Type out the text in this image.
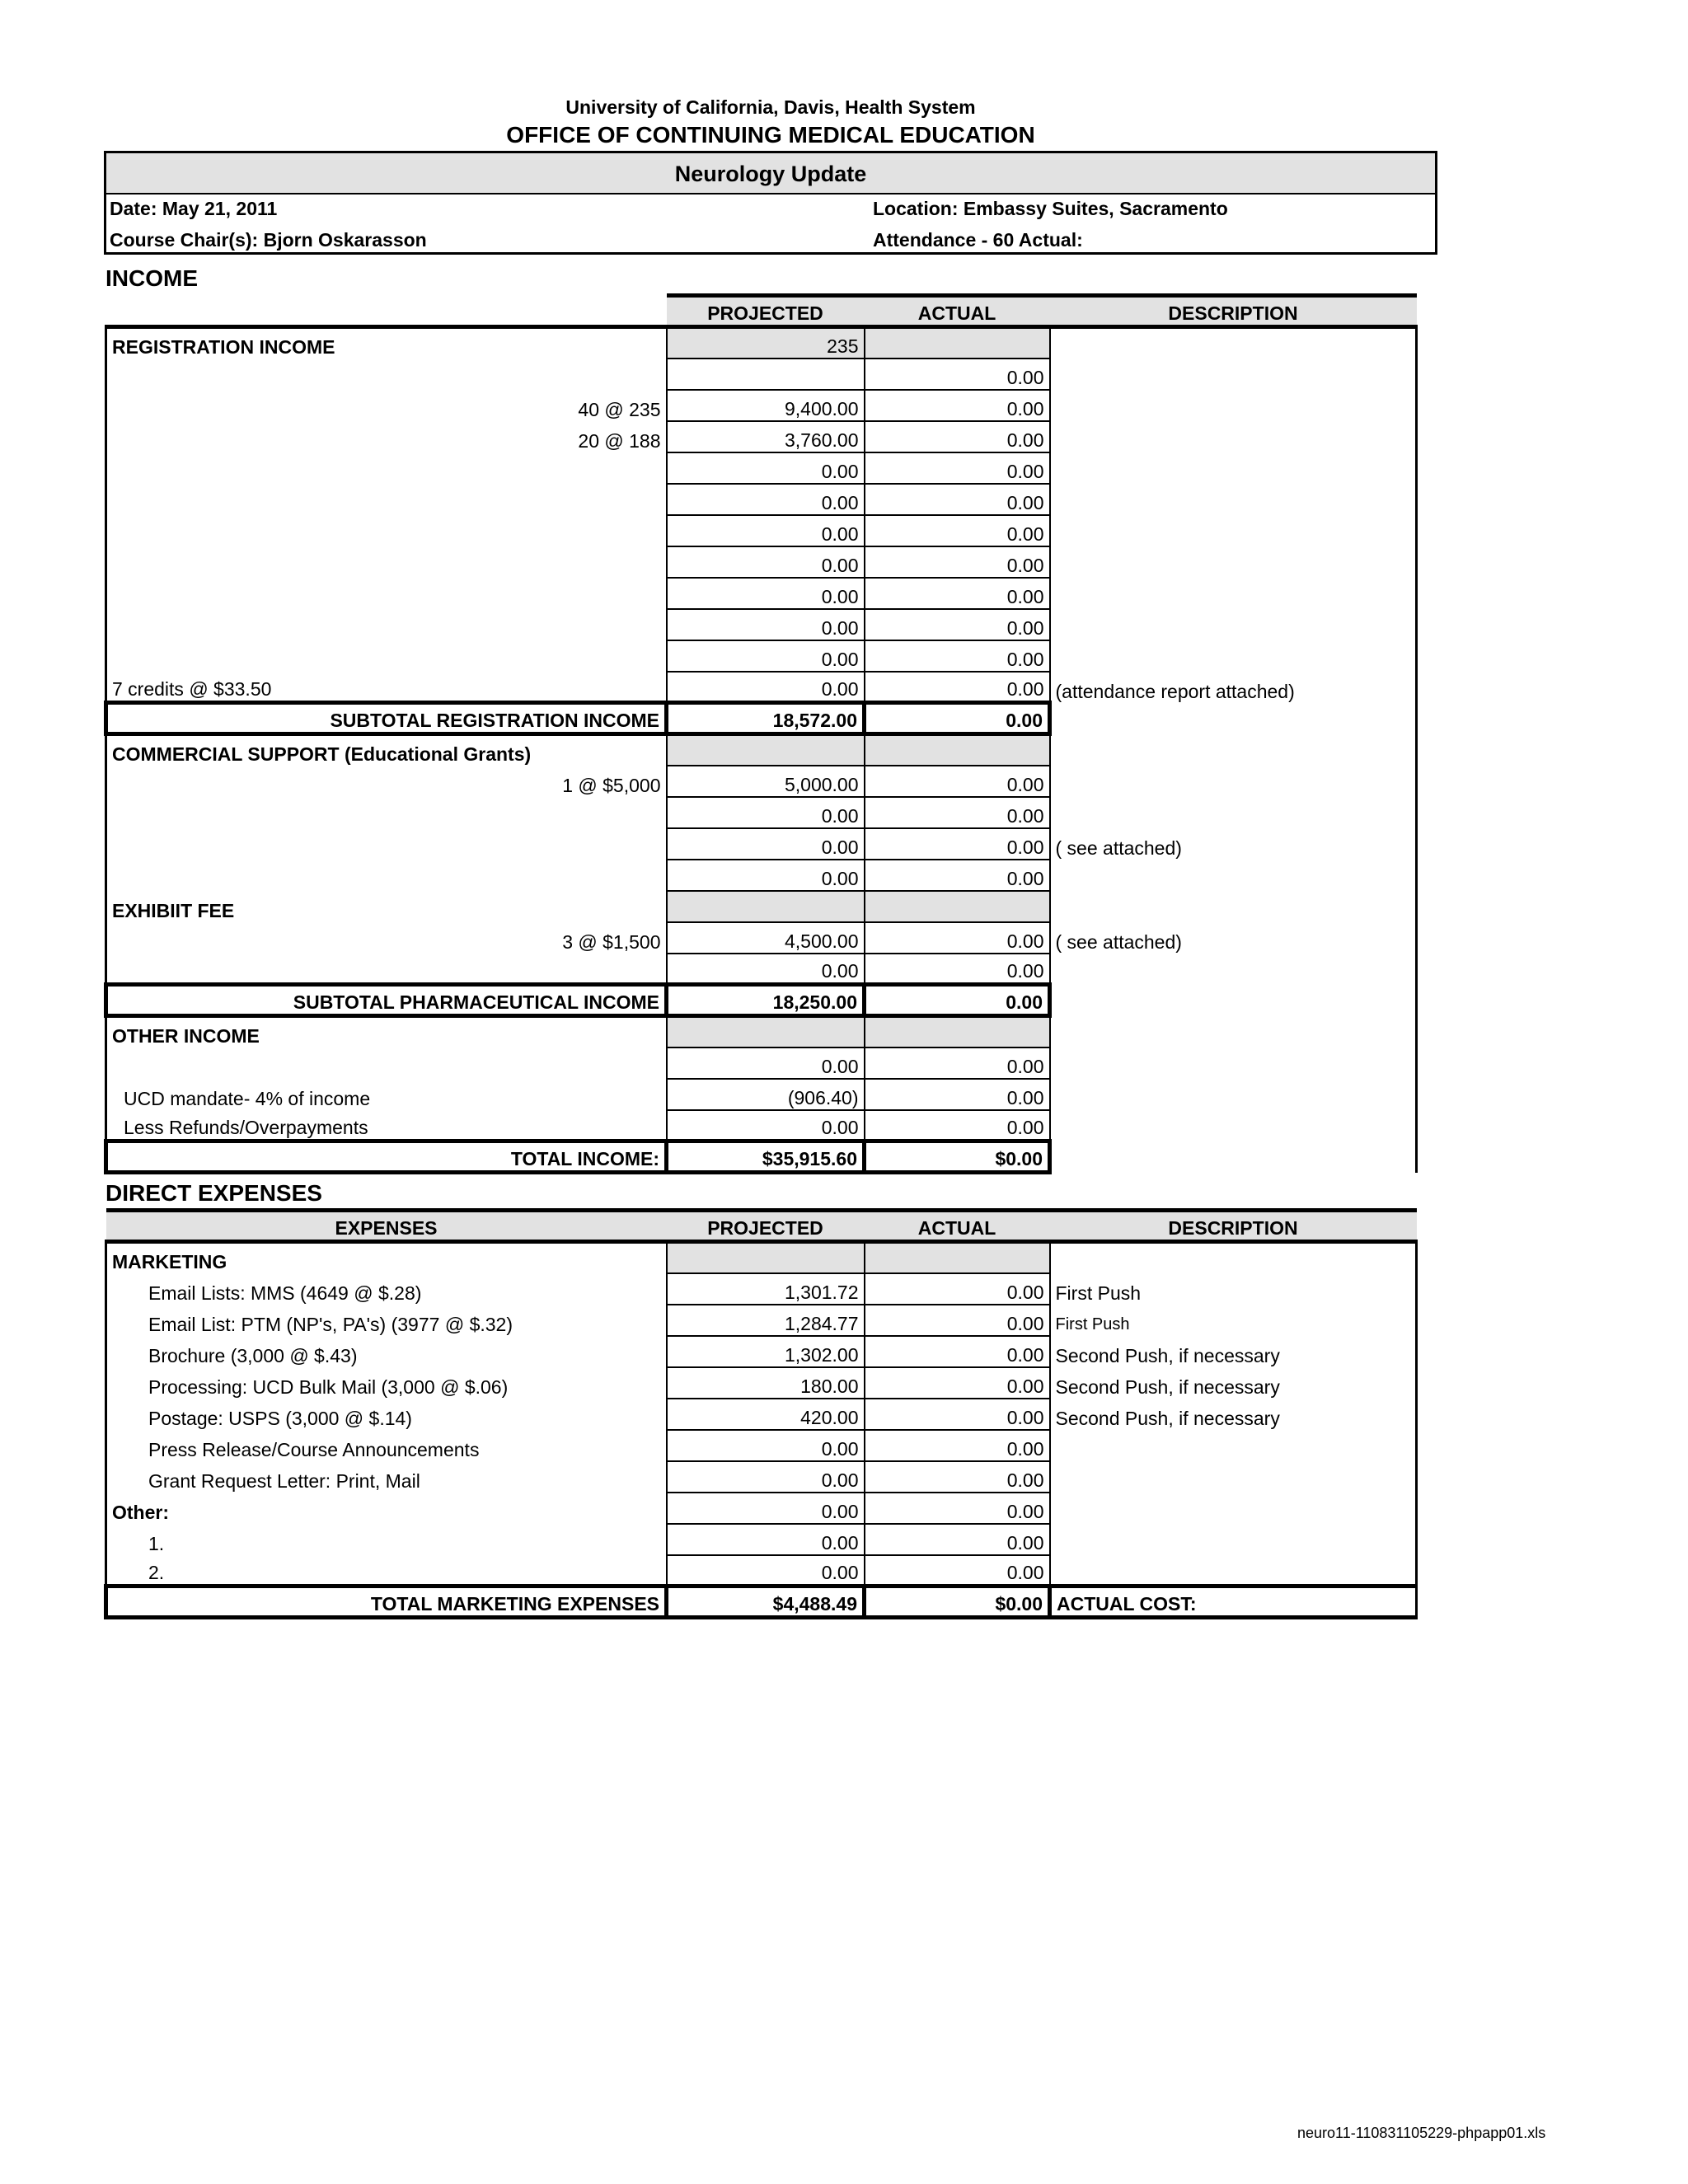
University of California, Davis, Health System
OFFICE OF CONTINUING MEDICAL EDUCATION
Neurology Update
Date: May 21, 2011	Location: Embassy Suites, Sacramento
Course Chair(s): Bjorn Oskarasson	Attendance - 60 Actual:
INCOME
	PROJECTED	ACTUAL	DESCRIPTION
REGISTRATION INCOME	235		
		0.00	
40 @ 235	9,400.00	0.00	
20 @ 188	3,760.00	0.00	
	0.00	0.00	
	0.00	0.00	
	0.00	0.00	
	0.00	0.00	
	0.00	0.00	
	0.00	0.00	
	0.00	0.00	
7 credits @ $33.50	0.00	0.00	(attendance report attached)
SUBTOTAL REGISTRATION INCOME	18,572.00	0.00	
COMMERCIAL SUPPORT (Educational Grants)			
1 @ $5,000	5,000.00	0.00	
	0.00	0.00	
	0.00	0.00	( see attached)
	0.00	0.00	
EXHIBIIT FEE			
3 @ $1,500	4,500.00	0.00	( see attached)
	0.00	0.00	
SUBTOTAL PHARMACEUTICAL INCOME	18,250.00	0.00	
OTHER INCOME			
	0.00	0.00	
UCD mandate- 4% of income	(906.40)	0.00	
Less Refunds/Overpayments	0.00	0.00	
TOTAL INCOME:	$35,915.60	$0.00	
DIRECT EXPENSES
EXPENSES	PROJECTED	ACTUAL	DESCRIPTION
MARKETING			
Email Lists: MMS (4649 @ $.28)	1,301.72	0.00	First Push
Email List: PTM (NP's, PA's) (3977 @ $.32)	1,284.77	0.00	First Push
Brochure (3,000 @ $.43)	1,302.00	0.00	Second Push, if necessary
Processing: UCD Bulk Mail (3,000 @ $.06)	180.00	0.00	Second Push, if necessary
Postage: USPS (3,000 @ $.14)	420.00	0.00	Second Push, if necessary
Press Release/Course Announcements	0.00	0.00	
Grant Request Letter: Print, Mail	0.00	0.00	
Other:	0.00	0.00	
1.	0.00	0.00	
2.	0.00	0.00	
TOTAL MARKETING EXPENSES	$4,488.49	$0.00	ACTUAL COST:
neuro11-110831105229-phpapp01.xls
